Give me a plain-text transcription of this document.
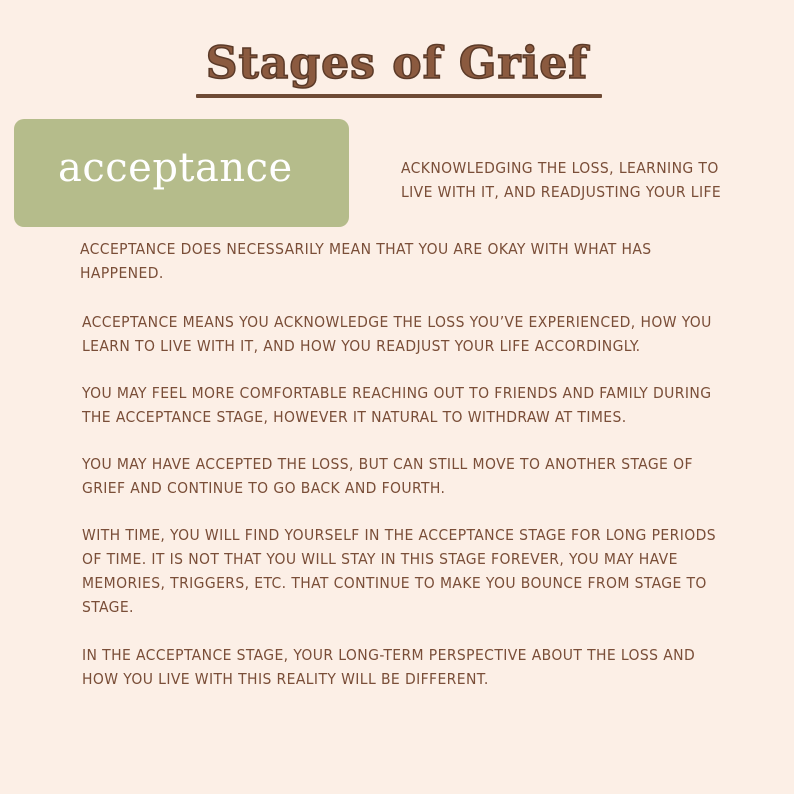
Stages of Grief
acceptance	ACKNOWLEDGING THE LOSS, LEARNING TO LIVE WITH IT, AND READJUSTING YOUR LIFE

ACCEPTANCE DOES NECESSARILY MEAN THAT YOU ARE OKAY WITH WHAT HAS HAPPENED.

ACCEPTANCE MEANS YOU ACKNOWLEDGE THE LOSS YOU’VE EXPERIENCED, HOW YOU LEARN TO LIVE WITH IT, AND HOW YOU READJUST YOUR LIFE ACCORDINGLY.

YOU MAY FEEL MORE COMFORTABLE REACHING OUT TO FRIENDS AND FAMILY DURING THE ACCEPTANCE STAGE, HOWEVER IT NATURAL TO WITHDRAW AT TIMES.

YOU MAY HAVE ACCEPTED THE LOSS, BUT CAN STILL MOVE TO ANOTHER STAGE OF GRIEF AND CONTINUE TO GO BACK AND FOURTH.

WITH TIME, YOU WILL FIND YOURSELF IN THE ACCEPTANCE STAGE FOR LONG PERIODS OF TIME. IT IS NOT THAT YOU WILL STAY IN THIS STAGE FOREVER, YOU MAY HAVE MEMORIES, TRIGGERS, ETC. THAT CONTINUE TO MAKE YOU BOUNCE FROM STAGE TO STAGE.

IN THE ACCEPTANCE STAGE, YOUR LONG-TERM PERSPECTIVE ABOUT THE LOSS AND HOW YOU LIVE WITH THIS REALITY WILL BE DIFFERENT.
